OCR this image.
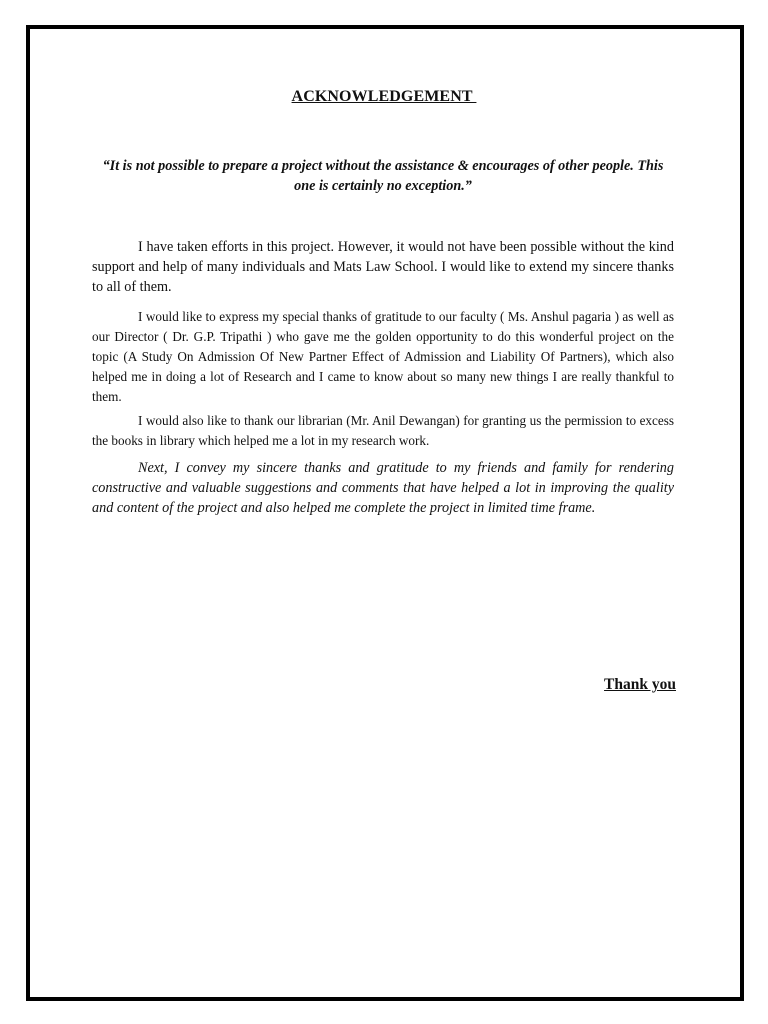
ACKNOWLEDGEMENT
“It is not possible to prepare a project without the assistance & encourages of other people. This one is certainly no exception.”

I have taken efforts in this project. However, it would not have been possible without the kind support and help of many individuals and Mats Law School. I would like to extend my sincere thanks to all of them.

I would like to express my special thanks of gratitude to our faculty ( Ms. Anshul pagaria ) as well as our Director ( Dr. G.P. Tripathi ) who gave me the golden opportunity to do this wonderful project on the topic (A Study On Admission Of New Partner Effect of Admission and Liability Of Partners), which also helped me in doing a lot of Research and I came to know about so many new things I are really thankful to them.

I would also like to thank our librarian (Mr. Anil Dewangan) for granting us the permission to excess the books in library which helped me a lot in my research work.

Next, I convey my sincere thanks and gratitude to my friends and family for rendering constructive and valuable suggestions and comments that have helped a lot in improving the quality and content of the project and also helped me complete the project in limited time frame.

Thank you
